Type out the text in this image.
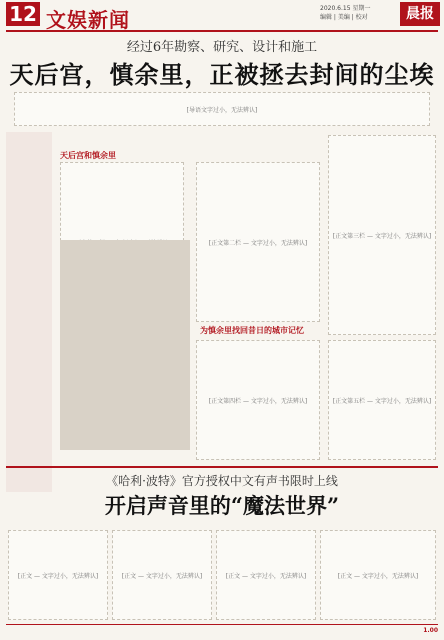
12 文娱新闻	2020.6.15 星期一
编辑 | 美编 | 校对	晨报
经过6年勘察、研究、设计和施工
天后宫，慎余里，正被拯去封间的尘埃
[导语文字过小，无法辨认]
天后宫和慎余里
[正文第二栏 — 文字过小，无法辨认]
[正文第三栏 — 文字过小，无法辨认]
为慎余里找回昔日的城市记忆
[正文第四栏 — 文字过小，无法辨认]	[正文第五栏 — 文字过小，无法辨认]
《哈利·波特》官方授权中文有声书限时上线
开启声音里的“魔法世界”
[正文 — 文字过小，无法辨认]	[正文 — 文字过小，无法辨认]	[正文 — 文字过小，无法辨认]	[正文 — 文字过小，无法辨认]
1.00
